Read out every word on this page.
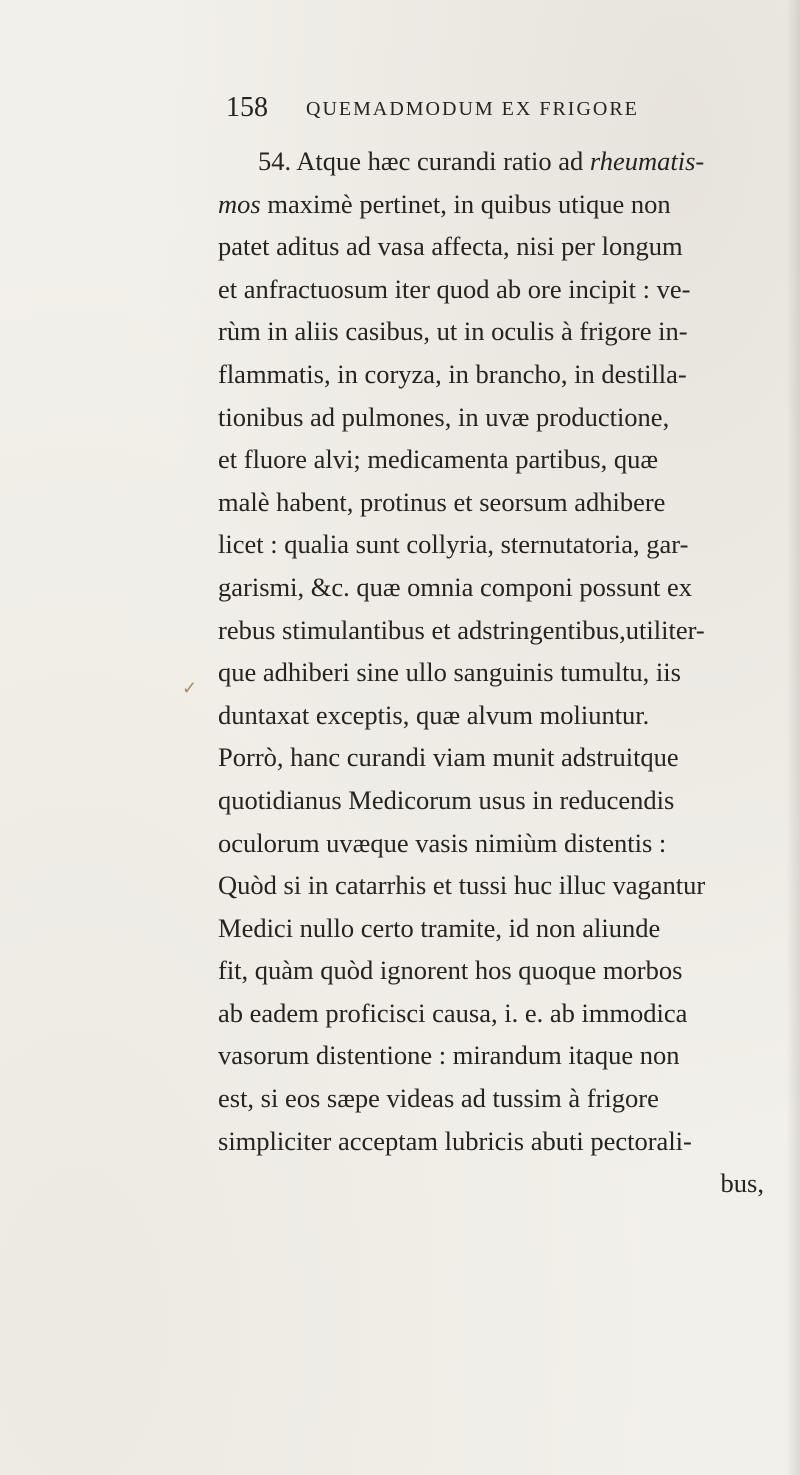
158 QUEMADMODUM EX FRIGORE
✓
54. Atque hæc curandi ratio ad rheumatis-
mos maximè pertinet, in quibus utique non
patet aditus ad vasa affecta, nisi per longum
et anfractuosum iter quod ab ore incipit : ve-
rùm in aliis casibus, ut in oculis à frigore in-
flammatis, in coryza, in brancho, in destilla-
tionibus ad pulmones, in uvæ productione,
et fluore alvi; medicamenta partibus, quæ
malè habent, protinus et seorsum adhibere
licet : qualia sunt collyria, sternutatoria, gar-
garismi, &c. quæ omnia componi possunt ex
rebus stimulantibus et adstringentibus,utiliter-
que adhiberi sine ullo sanguinis tumultu, iis
duntaxat exceptis, quæ alvum moliuntur.
Porrò, hanc curandi viam munit adstruitque
quotidianus Medicorum usus in reducendis
oculorum uvæque vasis nimiùm distentis :
Quòd si in catarrhis et tussi huc illuc vagantur
Medici nullo certo tramite, id non aliunde
fit, quàm quòd ignorent hos quoque morbos
ab eadem proficisci causa, i. e. ab immodica
vasorum distentione : mirandum itaque non
est, si eos sæpe videas ad tussim à frigore
simpliciter acceptam lubricis abuti pectorali-
bus,
